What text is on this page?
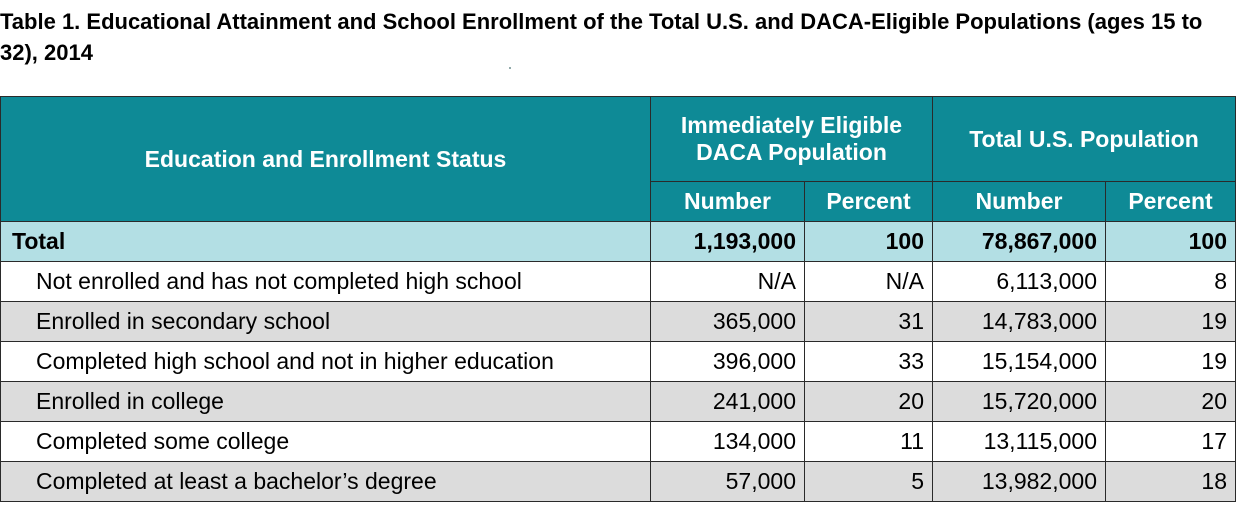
Table 1. Educational Attainment and School Enrollment of the Total U.S. and DACA-Eligible Populations (ages 15 to 32), 2014
Education and Enrollment Status	Immediately Eligible DACA Population		Total U.S. Population	
	Number	Percent	Number	Percent
Total	1,193,000	100	78,867,000	100
Not enrolled and has not completed high school	N/A	N/A	6,113,000	8
Enrolled in secondary school	365,000	31	14,783,000	19
Completed high school and not in higher education	396,000	33	15,154,000	19
Enrolled in college	241,000	20	15,720,000	20
Completed some college	134,000	11	13,115,000	17
Completed at least a bachelor’s degree	57,000	5	13,982,000	18
